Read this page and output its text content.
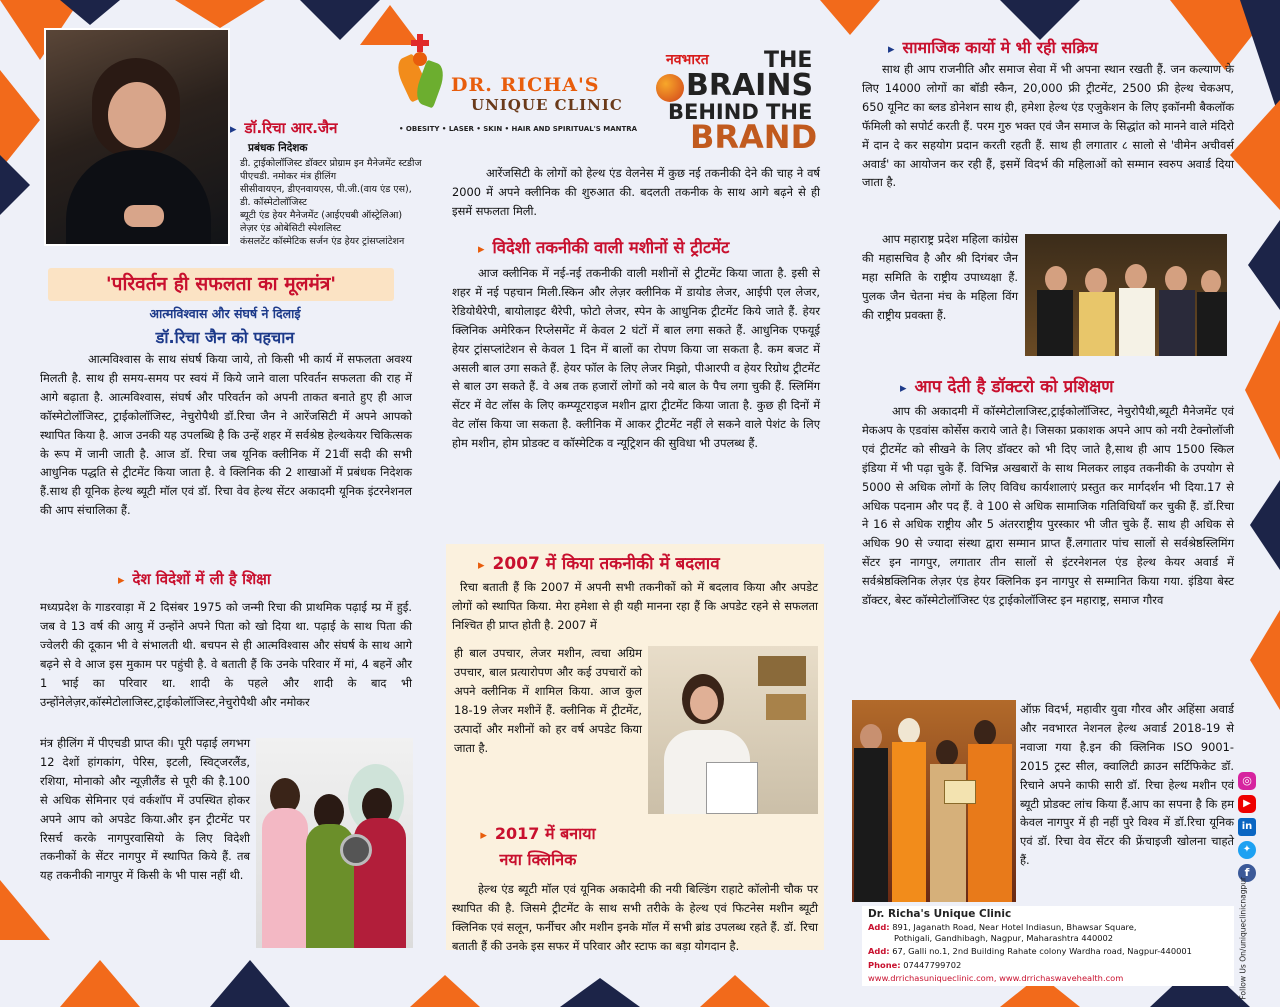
▸ डॉ.रिचा आर.जैन
प्रबंधक निदेशक
डी. ट्राईकोलॉजिस्ट डॉक्टर प्रोग्राम इन मैनेजमेंट स्टडीज
पीएचडी. नमोकर मंत्र हीलिंग
सीसीवायएन, डीएनवायएस, पी.जी.(वाय एंड एस),
डी. कॉस्मेटोलॉजिस्ट
ब्यूटी एंड हेयर मैनेजमेंट (आईएचबी ऑस्ट्रेलिआ)
लेज़र एंड ओबेसिटी स्पेशलिस्ट
कंसलटेंट कॉस्मेटिक सर्जन एंड हेयर ट्रांसप्लांटेशन
DR. RICHA'S
UNIQUE CLINIC
• OBESITY • LASER • SKIN • HAIR AND SPIRITUAL'S MANTRA
नवभारत	THE
BRAINS
BEHIND THE
BRAND
'परिवर्तन ही सफलता का मूलमंत्र'
आत्मविश्वास और संघर्ष ने दिलाई
डॉ.रिचा जैन को पहचान

आत्मविश्वास के साथ संघर्ष किया जाये, तो किसी भी कार्य में सफलता अवश्य मिलती है. साथ ही समय-समय पर स्वयं में किये जाने वाला परिवर्तन सफलता की राह में आगे बढ़ाता है. आत्मविश्वास, संघर्ष और परिवर्तन को अपनी ताकत बनाते हुए ही आज कॉस्मेटोलॉजिस्ट, ट्राईकोलॉजिस्ट, नेचुरोपैथी डॉ.रिचा जैन ने आरेंजसिटी में अपने आपको स्थापित किया है. आज उनकी यह उपलब्धि है कि उन्हें शहर में सर्वश्रेष्ठ हेल्थकेयर चिकित्सक के रूप में जानी जाती है. आज डॉ. रिचा जब यूनिक क्लीनिक में 21वीं सदी की सभी आधुनिक पद्धति से ट्रीटमेंट किया जाता है. वे क्लिनिक की 2 शाखाओं में प्रबंधक निदेशक हैं.साथ ही यूनिक हेल्थ ब्यूटी मॉल एवं डॉ. रिचा वेव हेल्थ सेंटर अकादमी यूनिक इंटरनेशनल की आप संचालिका हैं.

▸ देश विदेशों में ली है शिक्षा

मध्यप्रदेश के गाडरवाड़ा में 2 दिसंबर 1975 को जन्मी रिचा की प्राथमिक पढ़ाई म्प्र में हुई. जब वे 13 वर्ष की आयु में उन्होंने अपने पिता को खो दिया था. पढ़ाई के साथ पिता की ज्वेलरी की दूकान भी वे संभालती थी. बचपन से ही आत्मविश्वास और संघर्ष के साथ आगे बढ़ने से वे आज इस मुकाम पर पहुंची है. वे बताती हैं कि उनके परिवार में मां, 4 बहनें और 1 भाई का परिवार था. शादी के पहले और शादी के बाद भी उन्होंनेलेज़र,कॉस्मेटोलाजिस्ट,ट्राईकोलॉजिस्ट,नेचुरोपैथी और नमोकर

मंत्र हीलिंग में पीएचडी प्राप्त की। पूरी पढ़ाई लगभग 12 देशों हांगकांग, पेरिस, इटली, स्विट्जरलैंड, रशिया, मोनाको और न्यूज़ीलैंड से पूरी की है.100 से अधिक सेमिनार एवं वर्कशॉप में उपस्थित होकर अपने आप को अपडेट किया.और इन ट्रीटमेंट पर रिसर्च करके नागपुरवासियो के लिए विदेशी तकनीकों के सेंटर नागपुर में स्थापित किये हैं. तब यह तकनीकी नागपुर में किसी के भी पास नहीं थी.

आरेंजसिटी के लोगों को हेल्थ एंड वेलनेस में कुछ नई तकनीकी देने की चाह ने वर्ष 2000 में अपने क्लीनिक की शुरुआत की. बदलती तकनीक के साथ आगे बढ़ने से ही इसमें सफलता मिली.

▸ विदेशी तकनीकी वाली मशीनों से ट्रीटमेंट

आज क्लीनिक में नई-नई तकनीकी वाली मशीनों से ट्रीटमेंट किया जाता है. इसी से शहर में नई पहचान मिली.स्किन और लेज़र क्लीनिक में डायोड लेजर, आईपी एल लेजर, रेडियोथैरेपी, बायोलाइट थैरेपी, फोटो लेजर, स्पेन के आधुनिक ट्रीटमेंट किये जाते हैं. हेयर क्लिनिक अमेरिकन रिप्लेसमेंट में केवल 2 घंटों में बाल लगा सकते हैं. आधुनिक एफयूई हेयर ट्रांसप्लांटेशन से केवल 1 दिन में बालों का रोपण किया जा सकता है. कम बजट में असली बाल उगा सकते हैं. हेयर फॉल के लिए लेजर मिझो, पीआरपी व हेयर रिग्रोथ ट्रीटमेंट से बाल उग सकते हैं. वे अब तक हजारों लोगों को नये बाल के पैच लगा चुकी हैं. स्लिमिंग सेंटर में वेट लॉस के लिए कम्प्यूटराइज मशीन द्वारा ट्रीटमेंट किया जाता है. कुछ ही दिनों में वेट लॉस किया जा सकता है. क्लीनिक में आकर ट्रीटमेंट नहीं ले सकने वाले पेशंट के लिए होम मशीन, होम प्रोडक्ट व कॉस्मेटिक व न्यूट्रिशन की सुविधा भी उपलब्ध हैं.

▸ 2007 में किया तकनीकी में बदलाव

रिचा बताती हैं कि 2007 में अपनी सभी तकनीकों को में बदलाव किया और अपडेट लोगों को स्थापित किया. मेरा हमेशा से ही यही मानना रहा हैं कि अपडेट रहने से सफलता निश्चित ही प्राप्त होती है. 2007 में

ही बाल उपचार, लेजर मशीन, त्वचा अग्रिम उपचार, बाल प्रत्यारोपण और कई उपचारों को अपने क्लीनिक में शामिल किया. आज कुल 18-19 लेजर मशीनें हैं. क्लीनिक में ट्रीटमेंट, उत्पादों और मशीनों को हर वर्ष अपडेट किया जाता है.

▸ 2017 में बनाया
नया क्लिनिक

हेल्थ एंड ब्यूटी मॉल एवं यूनिक अकादेमी की नयी बिल्डिंग राहाटे कॉलोनी चौक पर स्थापित की है. जिसमे ट्रीटमेंट के साथ सभी तरीके के हेल्थ एवं फिटनेस मशीन ब्यूटी क्लिनिक एवं सलून, फर्नीचर और मशीन इनके मॉल में सभी ब्रांड उपलब्ध रहते हैं. डॉ. रिचा बताती हैं की उनके इस सफर में परिवार और स्टाफ का बड़ा योगदान है.

▸ सामाजिक कार्यो मे भी रही सक्रिय

साथ ही आप राजनीति और समाज सेवा में भी अपना स्थान रखती हैं. जन कल्याण के लिए 14000 लोगों का बॉडी स्कैन, 20,000 फ्री ट्रीटमेंट, 2500 फ्री हेल्थ चेकअप, 650 यूनिट का ब्लड डोनेशन साथ ही, हमेशा हेल्थ एंड एजुकेशन के लिए इकॉनमी बैकलॉक फॅमिली को सपोर्ट करती हैं. परम गुरु भक्त एवं जैन समाज के सिद्धांत को मानने वाले मंदिरो में दान दे कर सहयोग प्रदान करती रहती हैं. साथ ही लगातार ८ सालो से 'वीमेन अचीवर्स अवार्ड' का आयोजन कर रही हैं, इसमें विदर्भ की महिलाओं को सम्मान स्वरुप अवार्ड दिया जाता है.

आप महाराष्ट्र प्रदेश महिला कांग्रेस की महासचिव है और श्री दिगंबर जैन महा समिति के राष्ट्रीय उपाध्यक्षा हैं. पुलक जैन चेतना मंच के महिला विंग की राष्ट्रीय प्रवक्ता हैं.

▸ आप देती है डॉक्टरो को प्रशिक्षण

आप की अकादमी में कॉस्मेटोलाजिस्ट,ट्राईकोलॉजिस्ट, नेचुरोपैथी,ब्यूटी मैनेजमेंट एवं मेकअप के एडवांस कोर्सेस कराये जाते है। जिसका प्रकाशक अपने आप को नयी टेक्नोलॉजी एवं ट्रीटमेंट को सीखने के लिए डॉक्टर को भी दिए जाते है,साथ ही आप 1500 स्किल इंडिया में भी पढ़ा चुके हैं. विभिन्न अखबारों के साथ मिलकर लाइव तकनीकी के उपयोग से 5000 से अधिक लोगों के लिए विविध कार्यशालाएं प्रस्तुत कर मार्गदर्शन भी दिया.17 से अधिक पदनाम और पद हैं. वे 100 से अधिक सामाजिक गतिविधियाँ कर चुकी हैं. डॉ.रिचा ने 16 से अधिक राष्ट्रीय और 5 अंतरराष्ट्रीय पुरस्कार भी जीत चुके हैं. साथ ही अधिक से अधिक 90 से ज्यादा संस्था द्वारा सम्मान प्राप्त हैं.लगातार पांच सालों से सर्वश्रेष्ठस्लिमिंग सेंटर इन नागपुर, लगातार तीन सालों से इंटरनेशनल एंड हेल्थ केयर अवार्ड में सर्वश्रेष्ठक्लिनिक लेज़र एंड हेयर क्लिनिक इन नागपुर से सम्मानित किया गया. इंडिया बेस्ट डॉक्टर, बेस्ट कॉस्मेटोलॉजिस्ट एंड ट्राईकोलॉजिस्ट इन महाराष्ट्र, समाज गौरव

ऑफ़ विदर्भ, महावीर युवा गौरव और अहिंसा अवार्ड और नवभारत नेशनल हेल्थ अवार्ड 2018-19 से नवाजा गया है.इन की क्लिनिक ISO 9001-2015 ट्रस्ट सील, क्वालिटी क्राउन सर्टिफिकेट डॉ. रिचाने अपने काफी सारी डॉ. रिचा हेल्थ मशीन एवं ब्यूटी प्रोडक्ट लांच किया हैं.आप का सपना है कि हम केवल नागपुर में ही नहीं पुरे विश्व में डॉ.रिचा यूनिक एवं डॉ. रिचा वेव सेंटर की फ्रेंचाइजी खोलना चाहते हैं.

Dr. Richa's Unique Clinic
Add: 891, Jaganath Road, Near Hotel Indiasun, Bhawsar Square,
Pothigali, Gandhibagh, Nagpur, Maharashtra 440002
Add: 67, Galli no.1, 2nd Building Rahate colony Wardha road, Nagpur-440001
Phone: 07447799702
www.drrichasuniqueclinic.com, www.drrichaswavehealth.com
◎
▶
in
✦
f
Follow Us On/uniqueclinicnagpur
